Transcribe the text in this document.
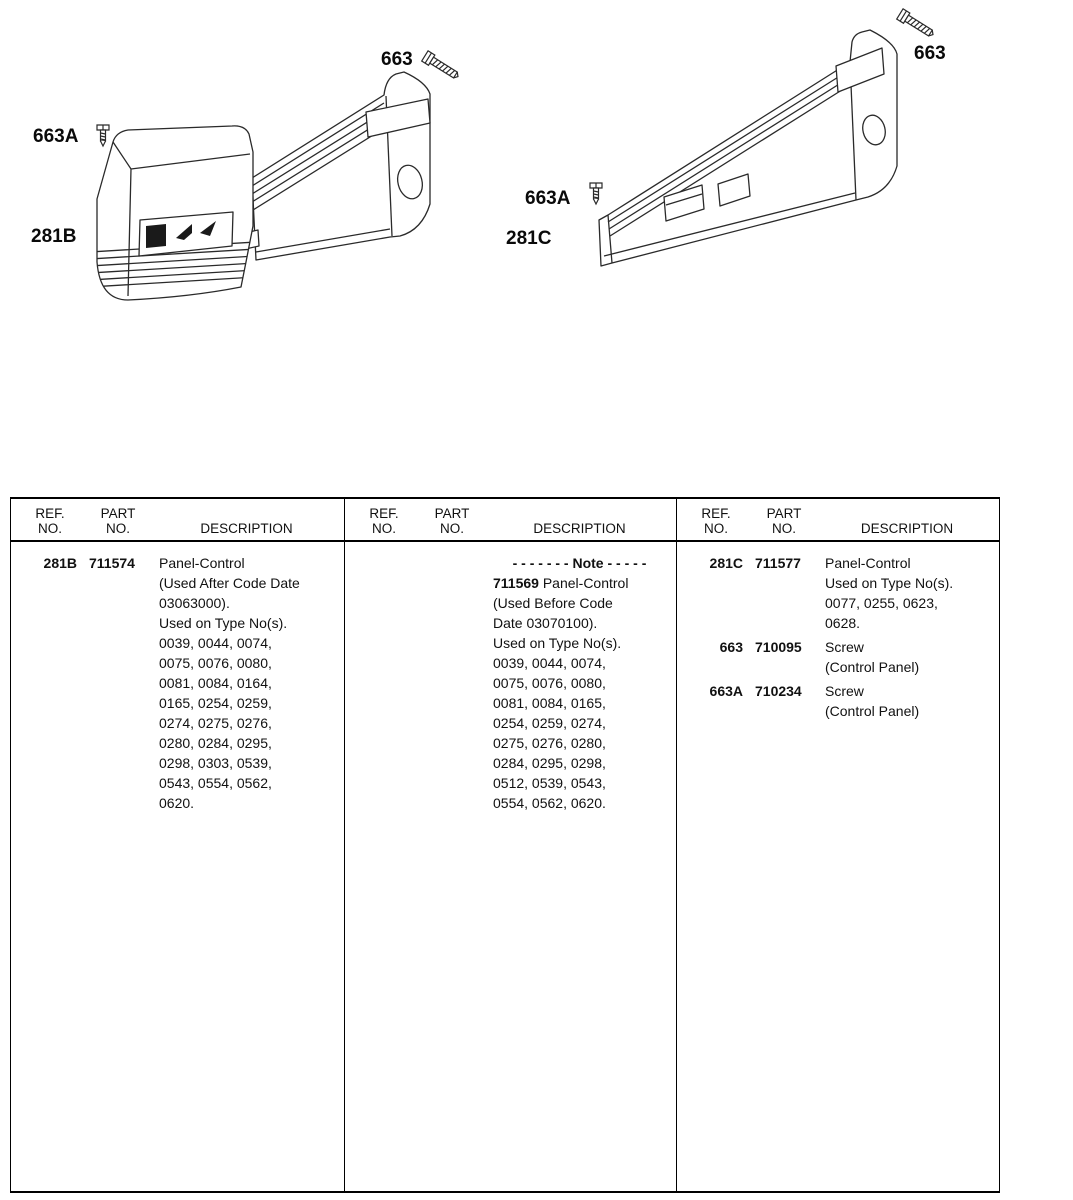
663
663A
281B
663A
281C
663
REF.
NO.
PART
NO.	DESCRIPTION
REF.
NO.
PART
NO.	DESCRIPTION
REF.
NO.
PART
NO.	DESCRIPTION
281B 711574	Panel-Control
(Used After Code Date
03063000).
Used on Type No(s).
0039, 0044, 0074,
0075, 0076, 0080,
0081, 0084, 0164,
0165, 0254, 0259,
0274, 0275, 0276,
0280, 0284, 0295,
0298, 0303, 0539,
0543, 0554, 0562,
0620.
- - - - - - - Note - - - - -
711569 Panel-Control
(Used Before Code
Date 03070100).
Used on Type No(s).
0039, 0044, 0074,
0075, 0076, 0080,
0081, 0084, 0165,
0254, 0259, 0274,
0275, 0276, 0280,
0284, 0295, 0298,
0512, 0539, 0543,
0554, 0562, 0620.
281C 711577	Panel-Control
Used on Type No(s).
0077, 0255, 0623,
0628.
663 710095	Screw
(Control Panel)
663A 710234	Screw
(Control Panel)
